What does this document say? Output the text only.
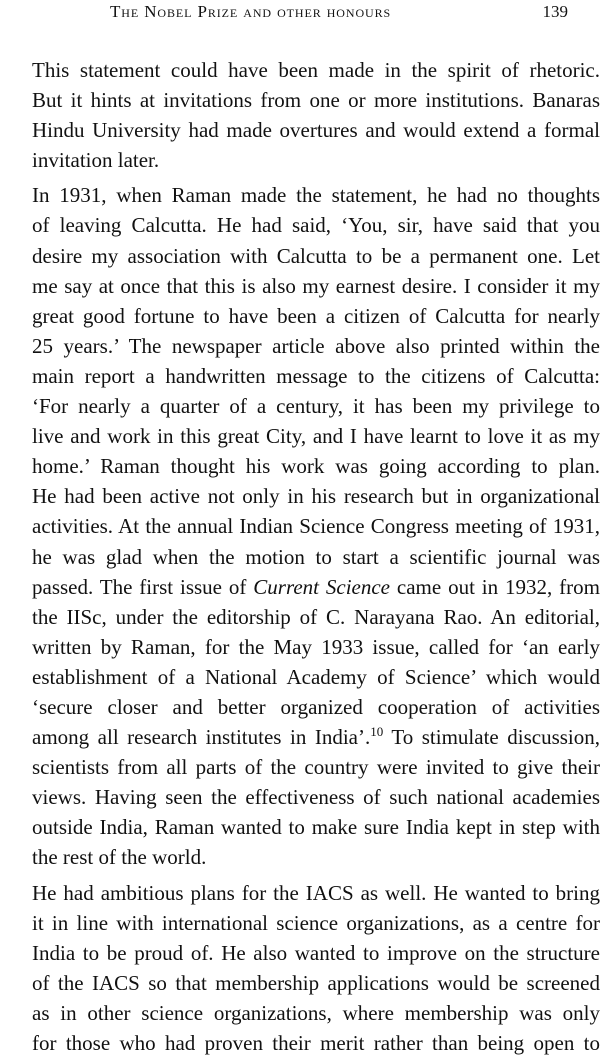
The Nobel Prize and other honours	139
This statement could have been made in the spirit of rhetoric.
But it hints at invitations from one or more institutions. Banaras
Hindu University had made overtures and would extend a formal
invitation later.
In 1931, when Raman made the statement, he had no thoughts
of leaving Calcutta. He had said, ‘You, sir, have said that you
desire my association with Calcutta to be a permanent one. Let
me say at once that this is also my earnest desire. I consider it my
great good fortune to have been a citizen of Calcutta for nearly
25 years.’ The newspaper article above also printed within the
main report a handwritten message to the citizens of Calcutta:
‘For nearly a quarter of a century, it has been my privilege to
live and work in this great City, and I have learnt to love it as my
home.’ Raman thought his work was going according to plan.
He had been active not only in his research but in organizational
activities. At the annual Indian Science Congress meeting of 1931,
he was glad when the motion to start a scientific journal was
passed. The first issue of Current Science came out in 1932, from
the IISc, under the editorship of C. Narayana Rao. An editorial,
written by Raman, for the May 1933 issue, called for ‘an early
establishment of a National Academy of Science’ which would
‘secure closer and better organized cooperation of activities
among all research institutes in India’.$^{10}$ To stimulate discussion,
scientists from all parts of the country were invited to give their
views. Having seen the effectiveness of such national academies
outside India, Raman wanted to make sure India kept in step with
the rest of the world.
He had ambitious plans for the IACS as well. He wanted to bring
it in line with international science organizations, as a centre for
India to be proud of. He also wanted to improve on the structure
of the IACS so that membership applications would be screened
as in other science organizations, where membership was only
for those who had proven their merit rather than being open to
